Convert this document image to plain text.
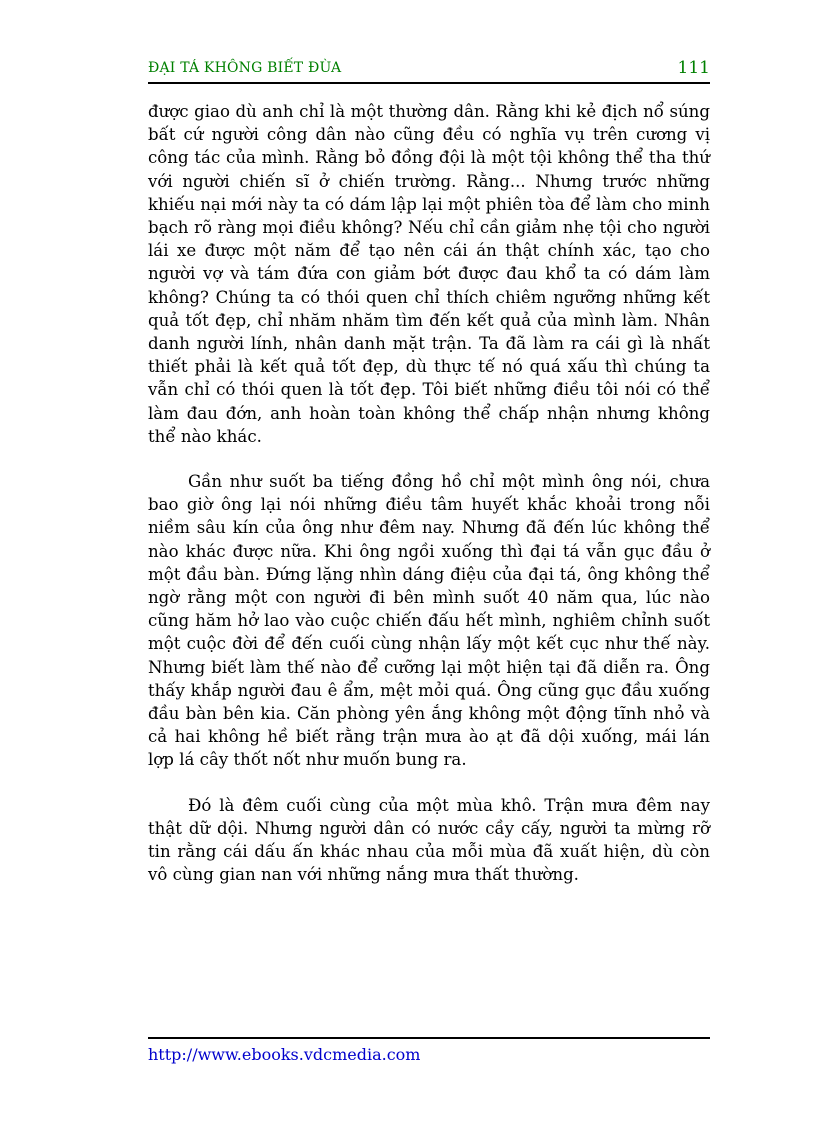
ĐẠI TÁ KHÔNG BIẾT ĐÙA	111

được giao dù anh chỉ là một thường dân. Rằng khi kẻ địch nổ súng bất cứ người công dân nào cũng đều có nghĩa vụ trên cương vị công tác của mình. Rằng bỏ đồng đội là một tội không thể tha thứ với người chiến sĩ ở chiến trường. Rằng... Nhưng trước những khiếu nại mới này ta có dám lập lại một phiên tòa để làm cho minh bạch rõ ràng mọi điều không? Nếu chỉ cần giảm nhẹ tội cho người lái xe được một năm để tạo nên cái án thật chính xác, tạo cho người vợ và tám đứa con giảm bớt được đau khổ ta có dám làm không? Chúng ta có thói quen chỉ thích chiêm ngưỡng những kết quả tốt đẹp, chỉ nhăm nhăm tìm đến kết quả của mình làm. Nhân danh người lính, nhân danh mặt trận. Ta đã làm ra cái gì là nhất thiết phải là kết quả tốt đẹp, dù thực tế nó quá xấu thì chúng ta vẫn chỉ có thói quen là tốt đẹp. Tôi biết những điều tôi nói có thể làm đau đớn, anh hoàn toàn không thể chấp nhận nhưng không thể nào khác.

Gần như suốt ba tiếng đồng hồ chỉ một mình ông nói, chưa bao giờ ông lại nói những điều tâm huyết khắc khoải trong nỗi niềm sâu kín của ông như đêm nay. Nhưng đã đến lúc không thể nào khác được nữa. Khi ông ngồi xuống thì đại tá vẫn gục đầu ở một đầu bàn. Đứng lặng nhìn dáng điệu của đại tá, ông không thể ngờ rằng một con người đi bên mình suốt 40 năm qua, lúc nào cũng hăm hở lao vào cuộc chiến đấu hết mình, nghiêm chỉnh suốt một cuộc đời để đến cuối cùng nhận lấy một kết cục như thế này. Nhưng biết làm thế nào để cưỡng lại một hiện tại đã diễn ra. Ông thấy khắp người đau ê ẩm, mệt mỏi quá. Ông cũng gục đầu xuống đầu bàn bên kia. Căn phòng yên ắng không một động tĩnh nhỏ và cả hai không hề biết rằng trận mưa ào ạt đã dội xuống, mái lán lợp lá cây thốt nốt như muốn bung ra.

Đó là đêm cuối cùng của một mùa khô. Trận mưa đêm nay thật dữ dội. Nhưng người dân có nước cầy cấy, người ta mừng rỡ tin rằng cái dấu ấn khác nhau của mỗi mùa đã xuất hiện, dù còn vô cùng gian nan với những nắng mưa thất thường.

http://www.ebooks.vdcmedia.com
